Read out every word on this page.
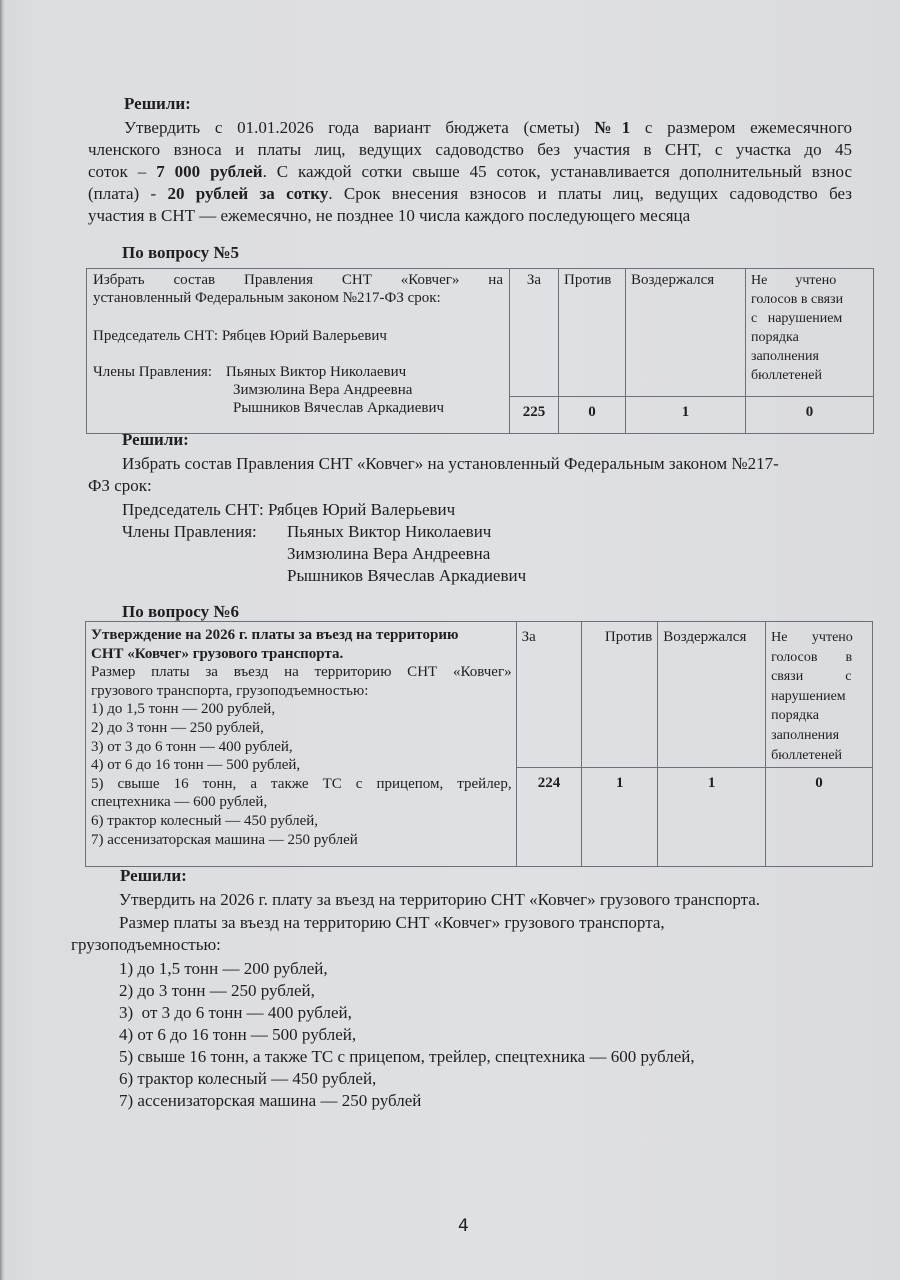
Решили:
Утвердить с 01.01.2026 года вариант бюджета (сметы) №1 с размером ежемесячного
членского взноса и платы лиц, ведущих садоводство без участия в СНТ, с участка до 45
соток – 7 000 рублей. С каждой сотки свыше 45 соток, устанавливается дополнительный взнос
(плата) - 20 рублей за сотку. Срок внесения взносов и платы лиц, ведущих садоводство без
участия в СНТ — ежемесячно, не позднее 10 числа каждого последующего месяца
По вопросу №5
Избрать состав Правления СНТ «Ковчег» на
установленный Федеральным законом №217-ФЗ срок:
Председатель СНТ: Рябцев Юрий Валерьевич
Члены Правления: Пьяных Виктор Николаевич
Зимзюлина Вера Андреевна
Рышников Вячеслав Аркадиевич
	За	Против	Воздержался	Не        учтено
голосов в связи
с   нарушением
порядка
заполнения
бюллетеней

	225	0	1	0
Решили:
Избрать состав Правления СНТ «Ковчег» на установленный Федеральным законом №217-
ФЗ срок:
Председатель СНТ: Рябцев Юрий Валерьевич
Члены Правления: Пьяных Виктор Николаевич
Зимзюлина Вера Андреевна
Рышников Вячеслав Аркадиевич
По вопросу №6
Утверждение на 2026 г. платы за въезд на территорию
СНТ «Ковчег» грузового транспорта.
Размер платы за въезд на территорию СНТ «Ковчег»
грузового транспорта, грузоподъемностью:
1) до 1,5 тонн — 200 рублей,
2) до 3 тонн — 250 рублей,
3) от 3 до 6 тонн — 400 рублей,
4) от 6 до 16 тонн — 500 рублей,
5) свыше 16 тонн, а также ТС с прицепом, трейлер,
спецтехника — 600 рублей,
6) трактор колесный — 450 рублей,
7) ассенизаторская машина — 250 рублей
	За	Против	Воздержался	Не       учтено
голосов        в
связи            с
нарушением
порядка
заполнения
бюллетеней

	224	1	1	0
Решили:
Утвердить на 2026 г. плату за въезд на территорию СНТ «Ковчег» грузового транспорта.
Размер платы за въезд на территорию СНТ «Ковчег» грузового транспорта,
грузоподъемностью:
1) до 1,5 тонн — 200 рублей,
2) до 3 тонн — 250 рублей,
3)  от 3 до 6 тонн — 400 рублей,
4) от 6 до 16 тонн — 500 рублей,
5) свыше 16 тонн, а также ТС с прицепом, трейлер, спецтехника — 600 рублей,
6) трактор колесный — 450 рублей,
7) ассенизаторская машина — 250 рублей
4
